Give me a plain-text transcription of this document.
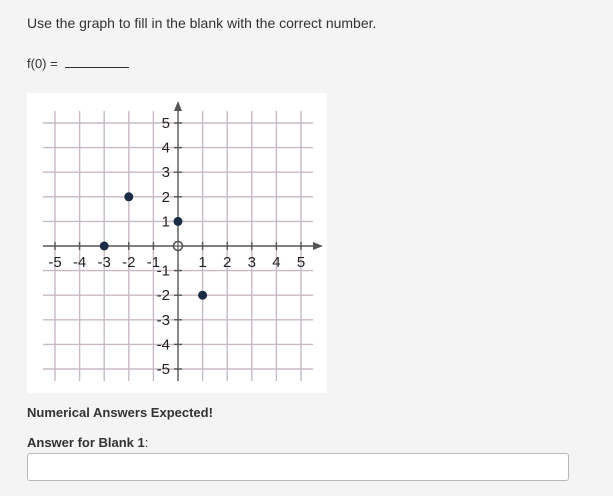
Use the graph to fill in the blank with the correct number.
f(0) =
-5 -4 -3 -2 -1	1 2 3 4 5
5
4
3
2
1
-1
-2
-3
-4
-5
Numerical Answers Expected!
Answer for Blank 1:
